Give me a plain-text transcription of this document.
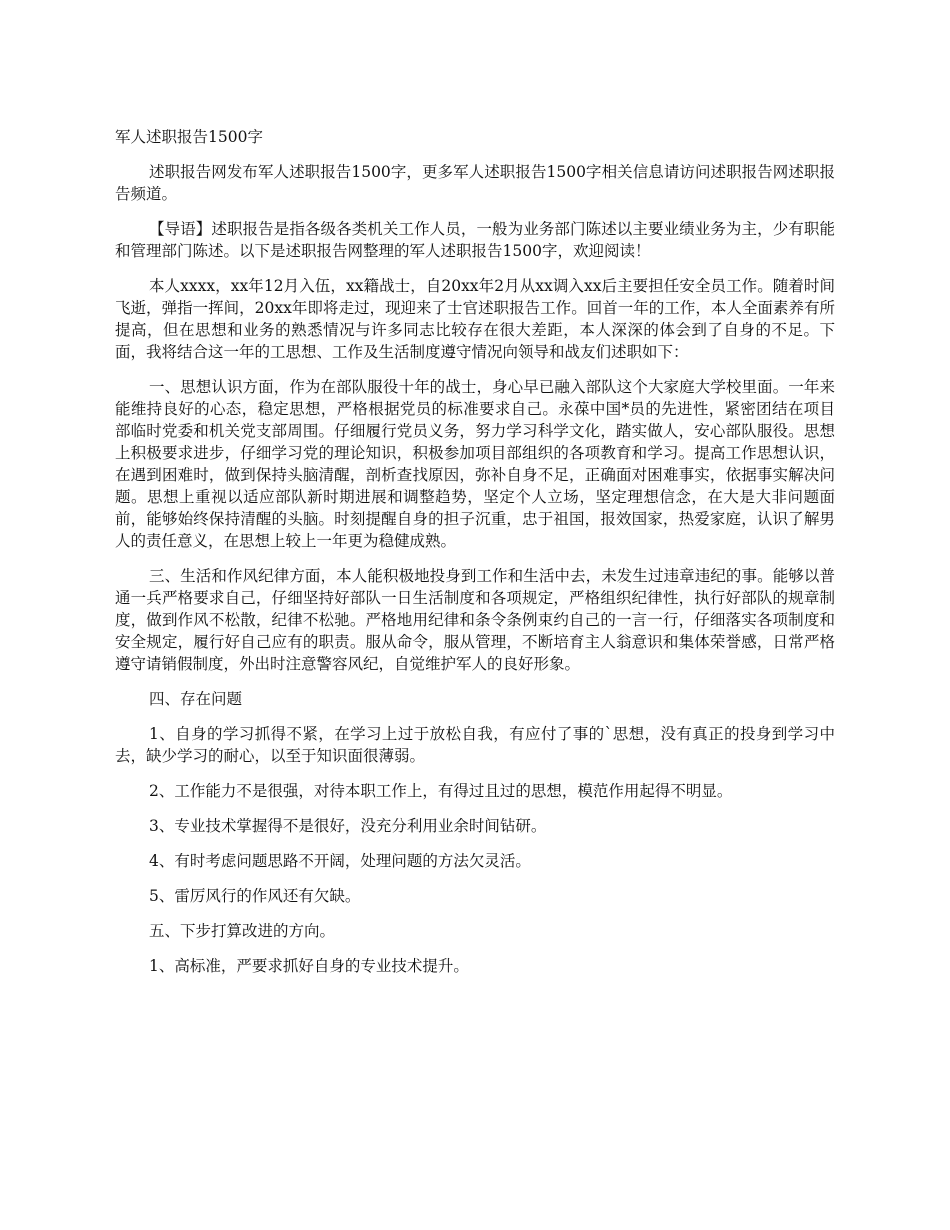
军人述职报告1500字

述职报告网发布军人述职报告1500字，更多军人述职报告1500字相关信息请访问述职报告网述职报告频道。

【导语】述职报告是指各级各类机关工作人员，一般为业务部门陈述以主要业绩业务为主，少有职能和管理部门陈述。以下是述职报告网整理的军人述职报告1500字，欢迎阅读！

本人xxxx，xx年12月入伍，xx籍战士，自20xx年2月从xx调入xx后主要担任安全员工作。随着时间飞逝，弹指一挥间，20xx年即将走过，现迎来了士官述职报告工作。回首一年的工作，本人全面素养有所提高，但在思想和业务的熟悉情况与许多同志比较存在很大差距，本人深深的体会到了自身的不足。下面，我将结合这一年的工思想、工作及生活制度遵守情况向领导和战友们述职如下：

一、思想认识方面，作为在部队服役十年的战士，身心早已融入部队这个大家庭大学校里面。一年来能维持良好的心态，稳定思想，严格根据党员的标准要求自己。永葆中国*员的先进性，紧密团结在项目部临时党委和机关党支部周围。仔细履行党员义务，努力学习科学文化，踏实做人，安心部队服役。思想上积极要求进步，仔细学习党的理论知识，积极参加项目部组织的各项教育和学习。提高工作思想认识，在遇到困难时，做到保持头脑清醒，剖析查找原因，弥补自身不足，正确面对困难事实，依据事实解决问题。思想上重视以适应部队新时期进展和调整趋势，坚定个人立场，坚定理想信念，在大是大非问题面前，能够始终保持清醒的头脑。时刻提醒自身的担子沉重，忠于祖国，报效国家，热爱家庭，认识了解男人的责任意义，在思想上较上一年更为稳健成熟。

三、生活和作风纪律方面，本人能积极地投身到工作和生活中去，未发生过违章违纪的事。能够以普通一兵严格要求自己，仔细坚持好部队一日生活制度和各项规定，严格组织纪律性，执行好部队的规章制度，做到作风不松散，纪律不松驰。严格地用纪律和条令条例束约自己的一言一行，仔细落实各项制度和安全规定，履行好自己应有的职责。服从命令，服从管理，不断培育主人翁意识和集体荣誉感，日常严格遵守请销假制度，外出时注意警容风纪，自觉维护军人的良好形象。

四、存在问题

1、自身的学习抓得不紧，在学习上过于放松自我，有应付了事的`思想，没有真正的投身到学习中去，缺少学习的耐心，以至于知识面很薄弱。

2、工作能力不是很强，对待本职工作上，有得过且过的思想，模范作用起得不明显。

3、专业技术掌握得不是很好，没充分利用业余时间钻研。

4、有时考虑问题思路不开阔，处理问题的方法欠灵活。

5、雷厉风行的作风还有欠缺。

五、下步打算改进的方向。

1、高标准，严要求抓好自身的专业技术提升。
